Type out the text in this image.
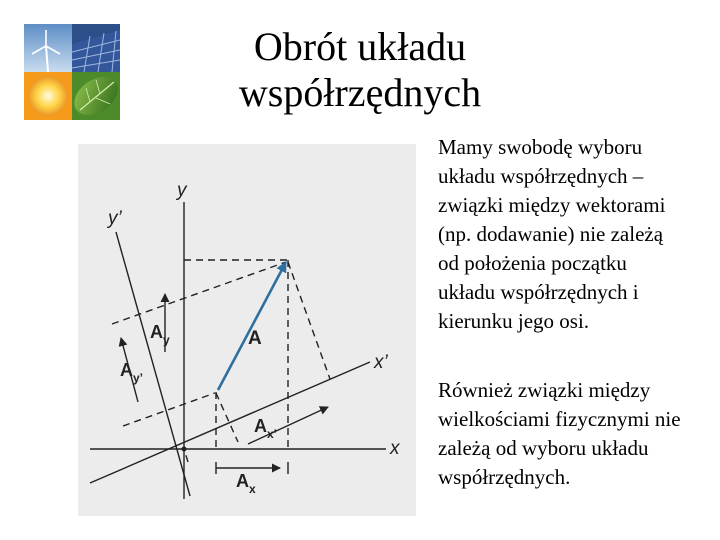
Obrót układu
współrzędnych
y
y’
x
x’
A
$A_y$
$A_{y’}$
$A_{x’}$
$A_x$
Mamy swobodę wyboru układu współrzędnych – związki między wektorami (np. dodawanie) nie zależą od położenia początku układu współrzędnych i kierunku jego osi.
Również związki między wielkościami fizycznymi nie zależą od wyboru układu współrzędnych.
